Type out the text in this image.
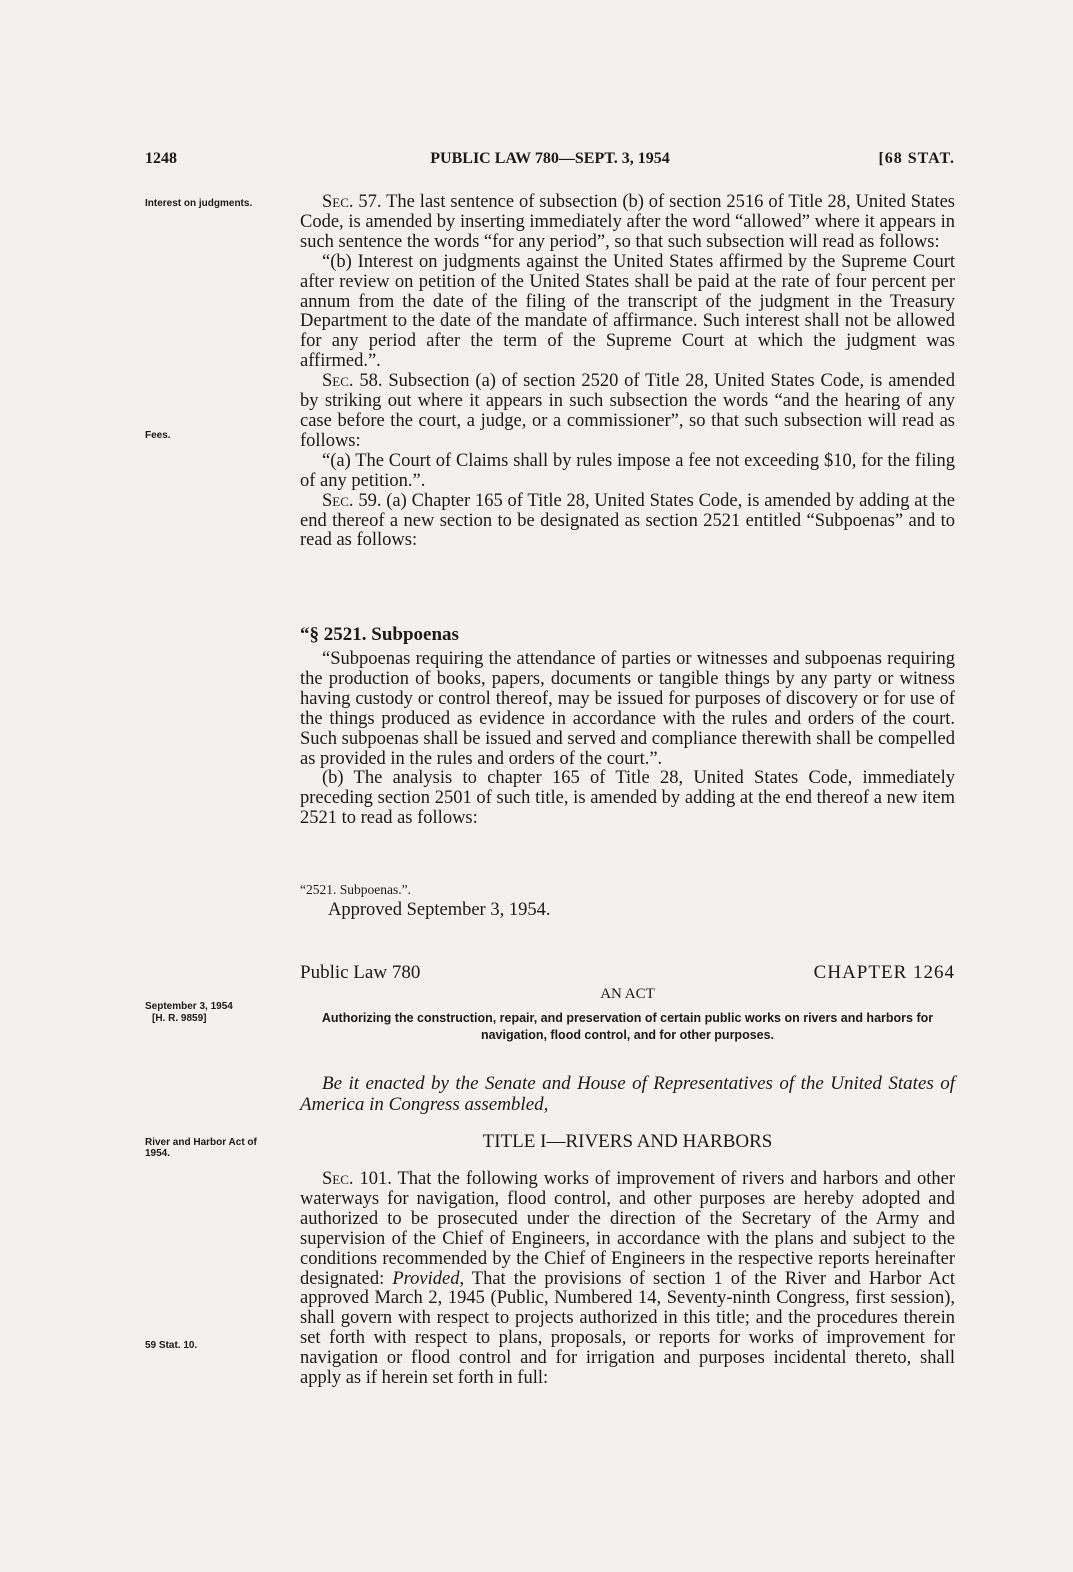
1248	PUBLIC LAW 780—SEPT. 3, 1954	[68 STAT.
Interest on judgments.
Fees.
September 3, 1954
[H. R. 9859]
River and Harbor Act of 1954.
59 Stat. 10.

Sec. 57. The last sentence of subsection (b) of section 2516 of Title 28, United States Code, is amended by inserting immediately after the word “allowed” where it appears in such sentence the words “for any period”, so that such subsection will read as follows:

“(b) Interest on judgments against the United States affirmed by the Supreme Court after review on petition of the United States shall be paid at the rate of four percent per annum from the date of the filing of the transcript of the judgment in the Treasury Department to the date of the mandate of affirmance. Such interest shall not be allowed for any period after the term of the Supreme Court at which the judgment was affirmed.”.

Sec. 58. Subsection (a) of section 2520 of Title 28, United States Code, is amended by striking out where it appears in such subsection the words “and the hearing of any case before the court, a judge, or a commissioner”, so that such subsection will read as follows:

“(a) The Court of Claims shall by rules impose a fee not exceeding $10, for the filing of any petition.”.

Sec. 59. (a) Chapter 165 of Title 28, United States Code, is amended by adding at the end thereof a new section to be designated as section 2521 entitled “Subpoenas” and to read as follows:

“§ 2521. Subpoenas

“Subpoenas requiring the attendance of parties or witnesses and subpoenas requiring the production of books, papers, documents or tangible things by any party or witness having custody or control thereof, may be issued for purposes of discovery or for use of the things produced as evidence in accordance with the rules and orders of the court. Such subpoenas shall be issued and served and compliance therewith shall be compelled as provided in the rules and orders of the court.”.

(b) The analysis to chapter 165 of Title 28, United States Code, immediately preceding section 2501 of such title, is amended by adding at the end thereof a new item 2521 to read as follows:

“2521. Subpoenas.”.
Approved September 3, 1954.
Public Law 780	CHAPTER 1264
AN ACT
Authorizing the construction, repair, and preservation of certain public works on rivers and harbors for navigation, flood control, and for other purposes.

Be it enacted by the Senate and House of Representatives of the United States of America in Congress assembled,

TITLE I—RIVERS AND HARBORS

Sec. 101. That the following works of improvement of rivers and harbors and other waterways for navigation, flood control, and other purposes are hereby adopted and authorized to be prosecuted under the direction of the Secretary of the Army and supervision of the Chief of Engineers, in accordance with the plans and subject to the conditions recommended by the Chief of Engineers in the respective reports hereinafter designated: Provided, That the provisions of section 1 of the River and Harbor Act approved March 2, 1945 (Public, Numbered 14, Seventy-ninth Congress, first session), shall govern with respect to projects authorized in this title; and the procedures therein set forth with respect to plans, proposals, or reports for works of improvement for navigation or flood control and for irrigation and purposes incidental thereto, shall apply as if herein set forth in full:
